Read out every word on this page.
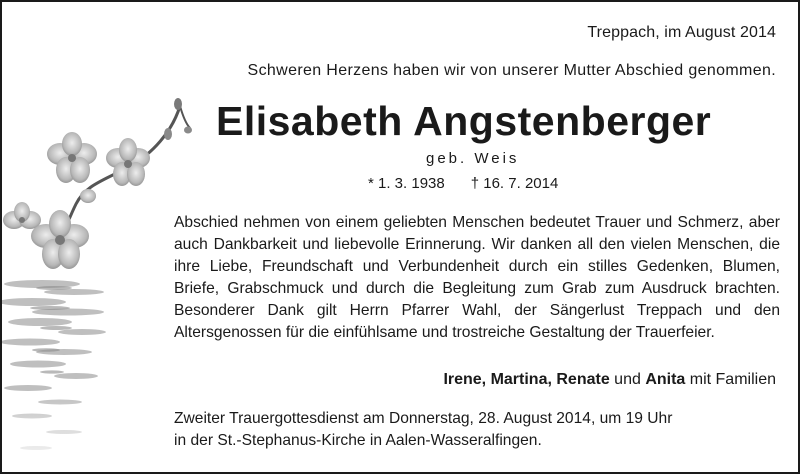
Treppach, im August 2014
Schweren Herzens haben wir von unserer Mutter Abschied genommen.
Elisabeth Angstenberger
geb. Weis
* 1. 3. 1938 † 16. 7. 2014
Abschied nehmen von einem geliebten Menschen bedeutet Trauer und Schmerz, aber auch Dankbarkeit und liebevolle Erinnerung. Wir danken all den vielen Menschen, die ihre Liebe, Freundschaft und Verbundenheit durch ein stilles Gedenken, Blumen, Briefe, Grabschmuck und durch die Begleitung zum Grab zum Ausdruck brachten. Besonderer Dank gilt Herrn Pfarrer Wahl, der Sängerlust Treppach und den Altersgenossen für die einfühlsame und trostreiche Gestaltung der Trauerfeier.
Irene, Martina, Renate und Anita mit Familien
Zweiter Trauergottesdienst am Donnerstag, 28. August 2014, um 19 Uhr
in der St.-Stephanus-Kirche in Aalen-Wasseralfingen.
